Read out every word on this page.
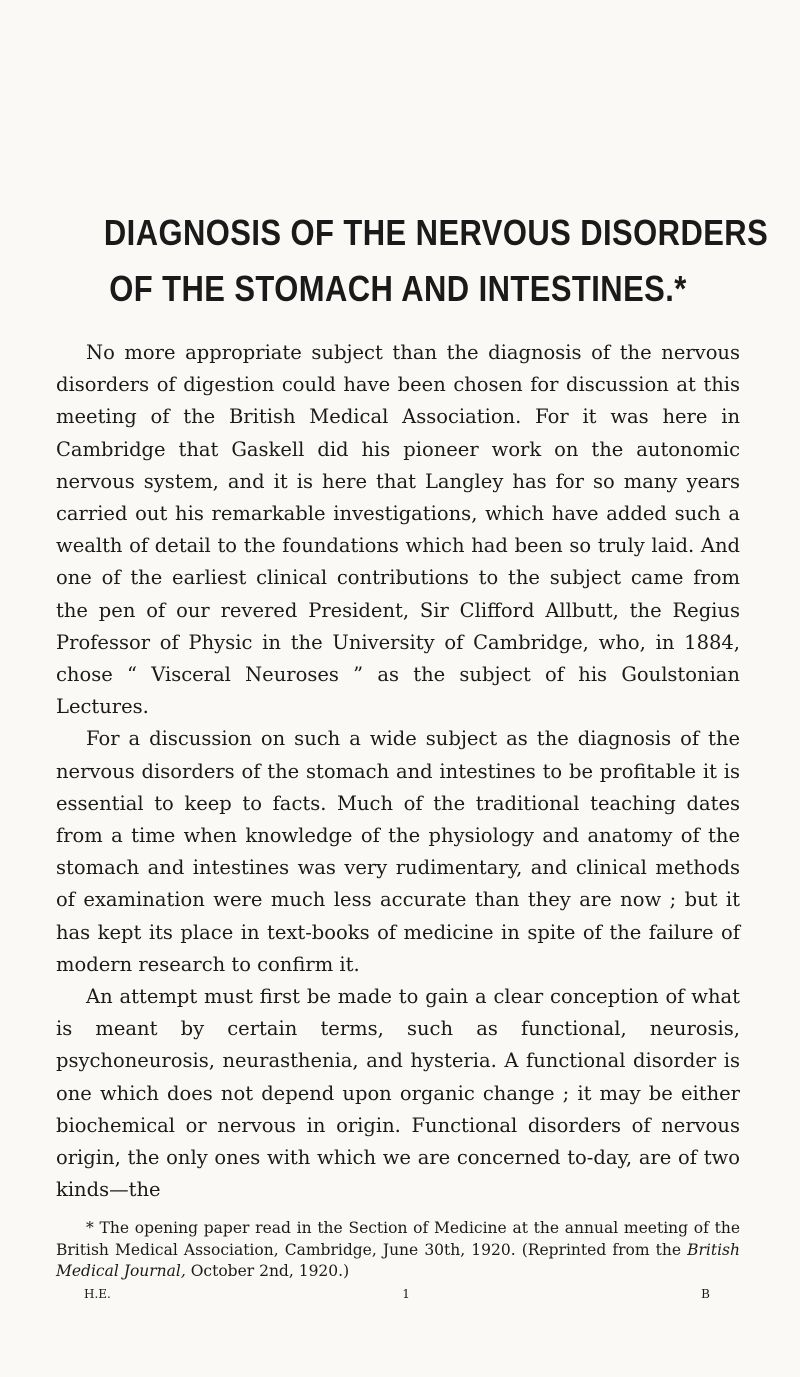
DIAGNOSIS OF THE NERVOUS DISORDERS
OF THE STOMACH AND INTESTINES.*

No more appropriate subject than the diagnosis of the nervous disorders of digestion could have been chosen for discussion at this meeting of the British Medical Association. For it was here in Cambridge that Gaskell did his pioneer work on the autonomic nervous system, and it is here that Langley has for so many years carried out his remarkable investigations, which have added such a wealth of detail to the foundations which had been so truly laid. And one of the earliest clinical contributions to the subject came from the pen of our revered President, Sir Clifford Allbutt, the Regius Professor of Physic in the University of Cambridge, who, in 1884, chose “ Visceral Neuroses ” as the subject of his Goulstonian Lectures.

For a discussion on such a wide subject as the diagnosis of the nervous disorders of the stomach and intestines to be profitable it is essential to keep to facts. Much of the traditional teaching dates from a time when knowledge of the physiology and anatomy of the stomach and intestines was very rudimentary, and clinical methods of examination were much less accurate than they are now ; but it has kept its place in text-books of medicine in spite of the failure of modern research to confirm it.

An attempt must first be made to gain a clear conception of what is meant by certain terms, such as functional, neurosis, psychoneurosis, neurasthenia, and hysteria. A functional disorder is one which does not depend upon organic change ; it may be either biochemical or nervous in origin. Functional disorders of nervous origin, the only ones with which we are concerned to-day, are of two kinds—the

* The opening paper read in the Section of Medicine at the annual meeting of the British Medical Association, Cambridge, June 30th, 1920. (Reprinted from the British Medical Journal, October 2nd, 1920.)
H.E.	1	B
